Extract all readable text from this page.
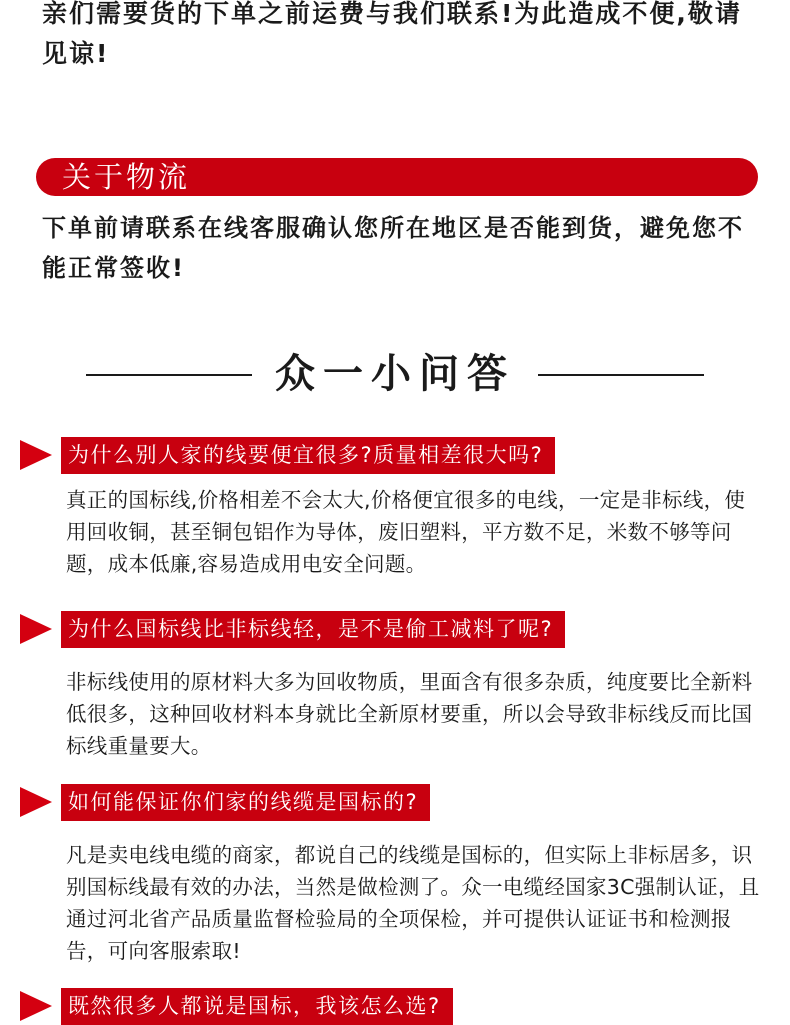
亲们需要货的下单之前运费与我们联系!为此造成不便,敬请见谅!
关于物流
下单前请联系在线客服确认您所在地区是否能到货，避免您不能正常签收!
众一小问答
为什么别人家的线要便宜很多?质量相差很大吗?
真正的国标线,价格相差不会太大,价格便宜很多的电线，一定是非标线，使用回收铜，甚至铜包铝作为导体，废旧塑料，平方数不足，米数不够等问题，成本低廉,容易造成用电安全问题。
为什么国标线比非标线轻，是不是偷工减料了呢?
非标线使用的原材料大多为回收物质，里面含有很多杂质，纯度要比全新料低很多，这种回收材料本身就比全新原材要重，所以会导致非标线反而比国标线重量要大。
如何能保证你们家的线缆是国标的?
凡是卖电线电缆的商家，都说自己的线缆是国标的，但实际上非标居多，识别国标线最有效的办法，当然是做检测了。众一电缆经国家3C强制认证，且通过河北省产品质量监督检验局的全项保检，并可提供认证证书和检测报告，可向客服索取!
既然很多人都说是国标，我该怎么选?
